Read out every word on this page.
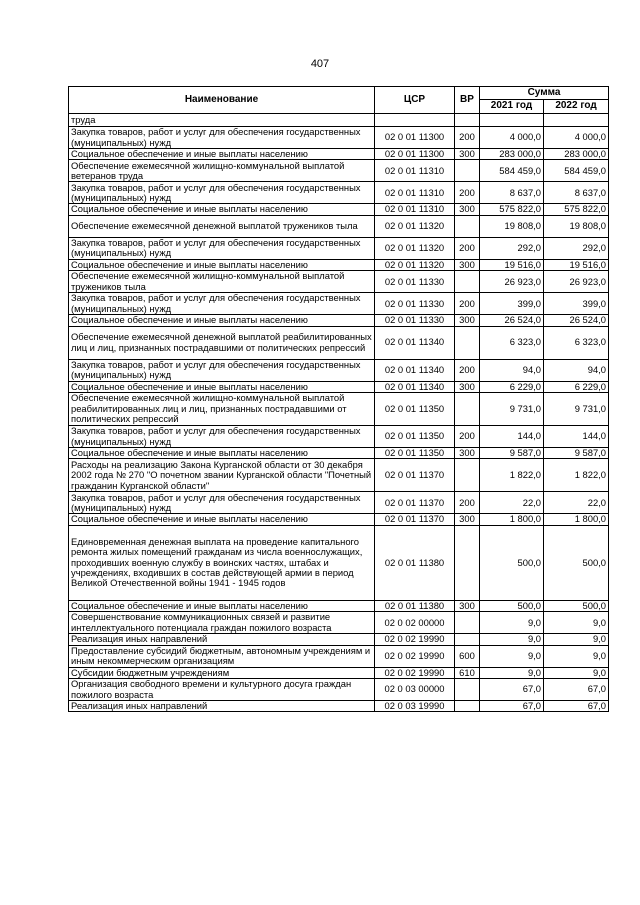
407
Наименование	ЦСР	ВР	Сумма	
			2021 год	2022 год
труда				
Закупка товаров, работ и услуг для обеспечения государственных (муниципальных) нужд	02 0 01 11300	200	4 000,0	4 000,0
Социальное обеспечение и иные выплаты населению	02 0 01 11300	300	283 000,0	283 000,0
Обеспечение ежемесячной жилищно-коммунальной выплатой ветеранов труда	02 0 01 11310		584 459,0	584 459,0
Закупка товаров, работ и услуг для обеспечения государственных (муниципальных) нужд	02 0 01 11310	200	8 637,0	8 637,0
Социальное обеспечение и иные выплаты населению	02 0 01 11310	300	575 822,0	575 822,0
Обеспечение ежемесячной денежной выплатой тружеников тыла	02 0 01 11320		19 808,0	19 808,0
Закупка товаров, работ и услуг для обеспечения государственных (муниципальных) нужд	02 0 01 11320	200	292,0	292,0
Социальное обеспечение и иные выплаты населению	02 0 01 11320	300	19 516,0	19 516,0
Обеспечение ежемесячной жилищно-коммунальной выплатой тружеников тыла	02 0 01 11330		26 923,0	26 923,0
Закупка товаров, работ и услуг для обеспечения государственных (муниципальных) нужд	02 0 01 11330	200	399,0	399,0
Социальное обеспечение и иные выплаты населению	02 0 01 11330	300	26 524,0	26 524,0
Обеспечение ежемесячной денежной выплатой реабилитированных лиц и лиц, признанных пострадавшими от политических репрессий	02 0 01 11340		6 323,0	6 323,0
Закупка товаров, работ и услуг для обеспечения государственных (муниципальных) нужд	02 0 01 11340	200	94,0	94,0
Социальное обеспечение и иные выплаты населению	02 0 01 11340	300	6 229,0	6 229,0
Обеспечение ежемесячной жилищно-коммунальной выплатой реабилитированных лиц и лиц, признанных пострадавшими от политических репрессий	02 0 01 11350		9 731,0	9 731,0
Закупка товаров, работ и услуг для обеспечения государственных (муниципальных) нужд	02 0 01 11350	200	144,0	144,0
Социальное обеспечение и иные выплаты населению	02 0 01 11350	300	9 587,0	9 587,0
Расходы на реализацию Закона Курганской области от 30 декабря 2002 года № 270 "О почетном звании Курганской области "Почетный гражданин Курганской области"	02 0 01 11370		1 822,0	1 822,0
Закупка товаров, работ и услуг для обеспечения государственных (муниципальных) нужд	02 0 01 11370	200	22,0	22,0
Социальное обеспечение и иные выплаты населению	02 0 01 11370	300	1 800,0	1 800,0
Единовременная денежная выплата на проведение капитального ремонта жилых помещений гражданам из числа военнослужащих, проходивших военную службу в воинских частях, штабах и учреждениях, входивших в состав действующей армии в период Великой Отечественной войны 1941 - 1945 годов	02 0 01 11380		500,0	500,0
Социальное обеспечение и иные выплаты населению	02 0 01 11380	300	500,0	500,0
Совершенствование коммуникационных связей и развитие интеллектуального потенциала граждан пожилого возраста	02 0 02 00000		9,0	9,0
Реализация иных направлений	02 0 02 19990		9,0	9,0
Предоставление субсидий бюджетным, автономным учреждениям и иным некоммерческим организациям	02 0 02 19990	600	9,0	9,0
Субсидии бюджетным учреждениям	02 0 02 19990	610	9,0	9,0
Организация свободного времени и культурного досуга граждан пожилого возраста	02 0 03 00000		67,0	67,0
Реализация иных направлений	02 0 03 19990		67,0	67,0
